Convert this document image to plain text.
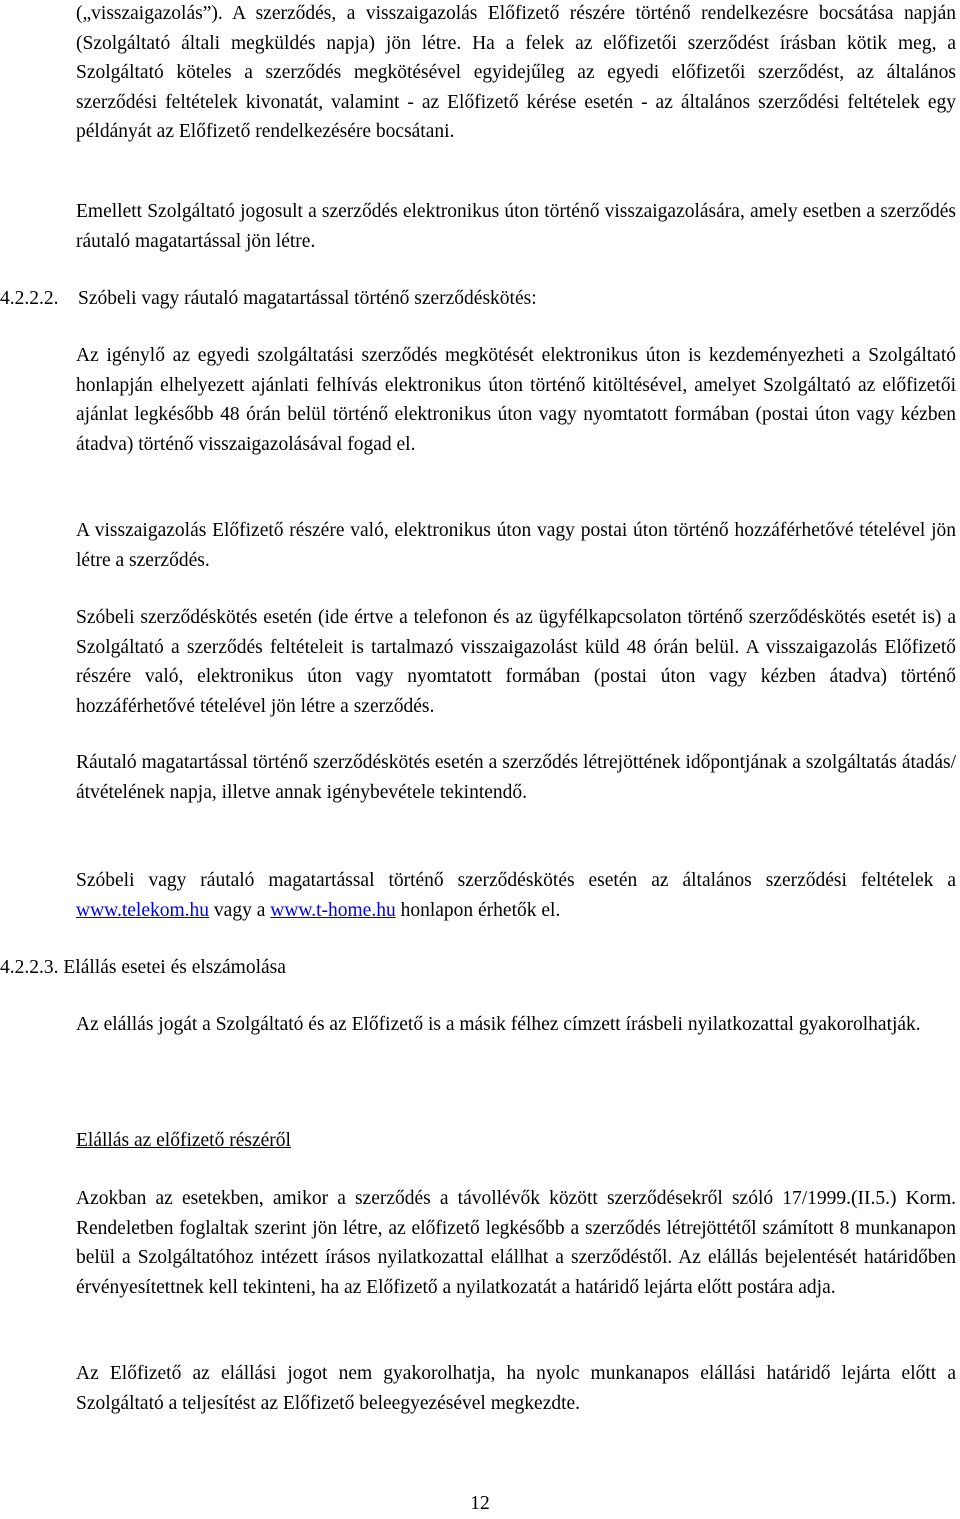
(„visszaigazolás”). A szerződés, a visszaigazolás Előfizető részére történő rendelkezésre bocsátása napján (Szolgáltató általi megküldés napja) jön létre. Ha a felek az előfizetői szerződést írásban kötik meg, a Szolgáltató köteles a szerződés megkötésével egyidejűleg az egyedi előfizetői szerződést, az általános szerződési feltételek kivonatát, valamint - az Előfizető kérése esetén - az általános szerződési feltételek egy példányát az Előfizető rendelkezésére bocsátani.

Emellett Szolgáltató jogosult a szerződés elektronikus úton történő visszaigazolására, amely esetben a szerződés ráutaló magatartással jön létre.

4.2.2.2. Szóbeli vagy ráutaló magatartással történő szerződéskötés:

Az igénylő az egyedi szolgáltatási szerződés megkötését elektronikus úton is kezdeményezheti a Szolgáltató honlapján elhelyezett ajánlati felhívás elektronikus úton történő kitöltésével, amelyet Szolgáltató az előfizetői ajánlat legkésőbb 48 órán belül történő elektronikus úton vagy nyomtatott formában (postai úton vagy kézben átadva) történő visszaigazolásával fogad el.

A visszaigazolás Előfizető részére való, elektronikus úton vagy postai úton történő hozzáférhetővé tételével jön létre a szerződés.

Szóbeli szerződéskötés esetén (ide értve a telefonon és az ügyfélkapcsolaton történő szerződéskötés esetét is) a Szolgáltató a szerződés feltételeit is tartalmazó visszaigazolást küld 48 órán belül. A visszaigazolás Előfizető részére való, elektronikus úton vagy nyomtatott formában (postai úton vagy kézben átadva) történő hozzáférhetővé tételével jön létre a szerződés.

Ráutaló magatartással történő szerződéskötés esetén a szerződés létrejöttének időpontjának a szolgáltatás átadás/átvételének napja, illetve annak igénybevétele tekintendő.

Szóbeli vagy ráutaló magatartással történő szerződéskötés esetén az általános szerződési feltételek a www.telekom.hu vagy a www.t-home.hu honlapon érhetők el.

4.2.2.3. Elállás esetei és elszámolása

Az elállás jogát a Szolgáltató és az Előfizető is a másik félhez címzett írásbeli nyilatkozattal gyakorolhatják.

Elállás az előfizető részéről

Azokban az esetekben, amikor a szerződés a távollévők között szerződésekről szóló 17/1999.(II.5.) Korm. Rendeletben foglaltak szerint jön létre, az előfizető legkésőbb a szerződés létrejöttétől számított 8 munkanapon belül a Szolgáltatóhoz intézett írásos nyilatkozattal elállhat a szerződéstől. Az elállás bejelentését határidőben érvényesítettnek kell tekinteni, ha az Előfizető a nyilatkozatát a határidő lejárta előtt postára adja.

Az Előfizető az elállási jogot nem gyakorolhatja, ha nyolc munkanapos elállási határidő lejárta előtt a Szolgáltató a teljesítést az Előfizető beleegyezésével megkezdte.

12
